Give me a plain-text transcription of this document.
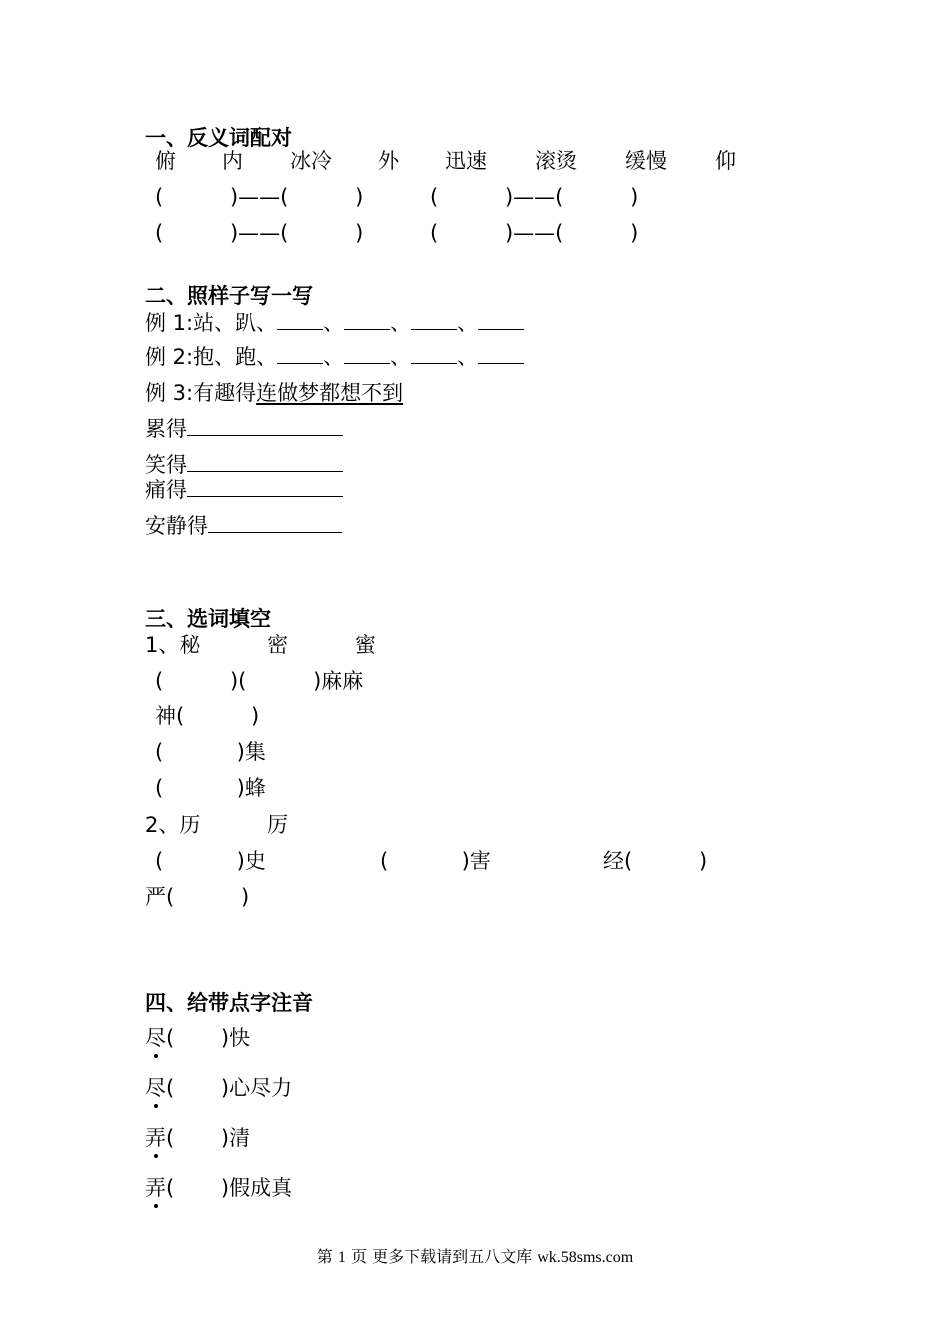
一、反义词配对
俯 内 冰冷 外 迅速 滚烫 缓慢 仰
(          )——(          )          (          )——(          )
(          )——(          )          (          )——(          )
二、照样子写一写
例 1:站、趴、 、 、 、
例 2:抱、跑、 、 、 、
例 3:有趣得连做梦都想不到
累得
笑得
痛得
安静得
三、选词填空
1、秘          密          蜜
(          )(          )麻麻
神(          )
(           )集
(           )蜂
2、历          厉
(           )史	(           )害	经(          )
严(          )
四、给带点字注音
尽(       )快
尽(       )心尽力
弄(       )清
弄(       )假成真
第 1 页 更多下载请到五八文库 wk.58sms.com
